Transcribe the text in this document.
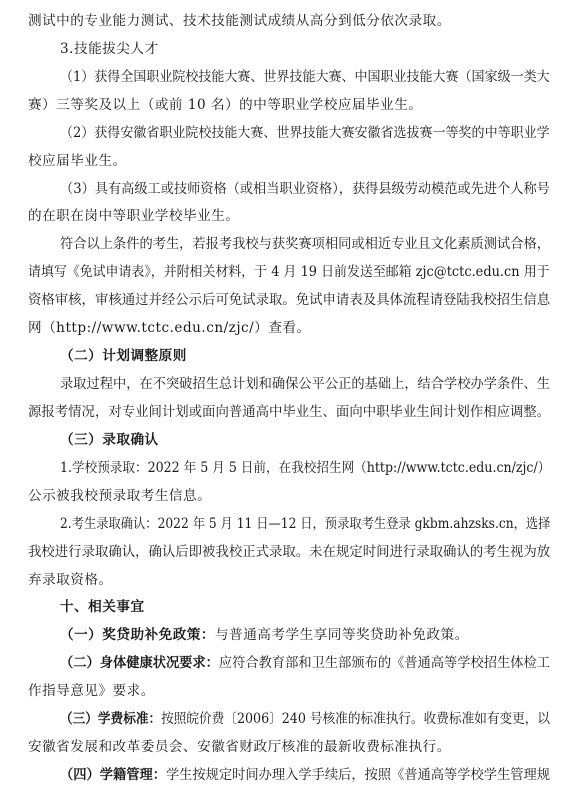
测试中的专业能力测试、技术技能测试成绩从高分到低分依次录取。
3.技能拔尖人才
（1）获得全国职业院校技能大赛、世界技能大赛、中国职业技能大赛（国家级一类大
赛）三等奖及以上（或前 10 名）的中等职业学校应届毕业生。
（2）获得安徽省职业院校技能大赛、世界技能大赛安徽省选拔赛一等奖的中等职业学
校应届毕业生。
（3）具有高级工或技师资格（或相当职业资格），获得县级劳动模范或先进个人称号
的在职在岗中等职业学校毕业生。
符合以上条件的考生，若报考我校与获奖赛项相同或相近专业且文化素质测试合格，
请填写《免试申请表》，并附相关材料，于 4 月 19 日前发送至邮箱 zjc@tctc.edu.cn 用于
资格审核，审核通过并经公示后可免试录取。免试申请表及具体流程请登陆我校招生信息
网（http://www.tctc.edu.cn/zjc/）查看。
（二）计划调整原则
录取过程中，在不突破招生总计划和确保公平公正的基础上，结合学校办学条件、生
源报考情况，对专业间计划或面向普通高中毕业生、面向中职毕业生间计划作相应调整。
（三）录取确认
1.学校预录取：2022 年 5 月 5 日前，在我校招生网（http://www.tctc.edu.cn/zjc/）
公示被我校预录取考生信息。
2.考生录取确认：2022 年 5 月 11 日—12 日，预录取考生登录 gkbm.ahzsks.cn，选择
我校进行录取确认，确认后即被我校正式录取。未在规定时间进行录取确认的考生视为放
弃录取资格。
十、相关事宜
（一）奖贷助补免政策：与普通高考学生享同等奖贷助补免政策。
（二）身体健康状况要求：应符合教育部和卫生部颁布的《普通高等学校招生体检工
作指导意见》要求。
（三）学费标准：按照皖价费〔2006〕240 号核准的标准执行。收费标准如有变更，以
安徽省发展和改革委员会、安徽省财政厅核准的最新收费标准执行。
（四）学籍管理：学生按规定时间办理入学手续后，按照《普通高等学校学生管理规
